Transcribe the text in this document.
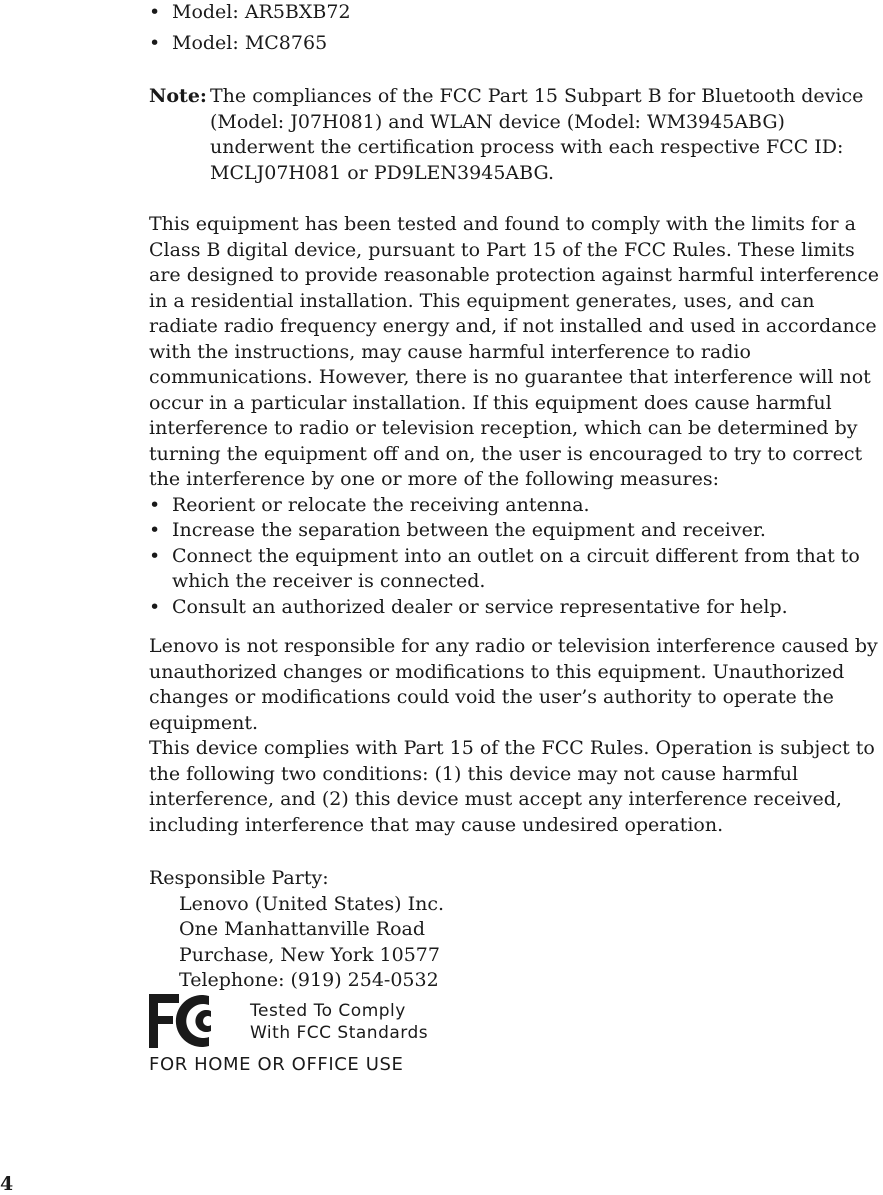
• Model: AR5BXB72
• Model: MC8765
Note: The compliances of the FCC Part 15 Subpart B for Bluetooth device (Model: J07H081) and WLAN device (Model: WM3945ABG) underwent the certification process with each respective FCC ID: MCLJ07H081 or PD9LEN3945ABG.
This equipment has been tested and found to comply with the limits for a Class B digital device, pursuant to Part 15 of the FCC Rules. These limits are designed to provide reasonable protection against harmful interference in a residential installation. This equipment generates, uses, and can radiate radio frequency energy and, if not installed and used in accordance with the instructions, may cause harmful interference to radio communications. However, there is no guarantee that interference will not occur in a particular installation. If this equipment does cause harmful interference to radio or television reception, which can be determined by turning the equipment off and on, the user is encouraged to try to correct the interference by one or more of the following measures:
• Reorient or relocate the receiving antenna.
• Increase the separation between the equipment and receiver.
• Connect the equipment into an outlet on a circuit different from that to which the receiver is connected.
• Consult an authorized dealer or service representative for help.
Lenovo is not responsible for any radio or television interference caused by unauthorized changes or modifications to this equipment. Unauthorized changes or modifications could void the user’s authority to operate the equipment.
This device complies with Part 15 of the FCC Rules. Operation is subject to the following two conditions: (1) this device may not cause harmful interference, and (2) this device must accept any interference received, including interference that may cause undesired operation.
Responsible Party:
Lenovo (United States) Inc.
One Manhattanville Road
Purchase, New York 10577
Telephone: (919) 254-0532
Tested To Comply
With FCC Standards
FOR HOME OR OFFICE USE
4
